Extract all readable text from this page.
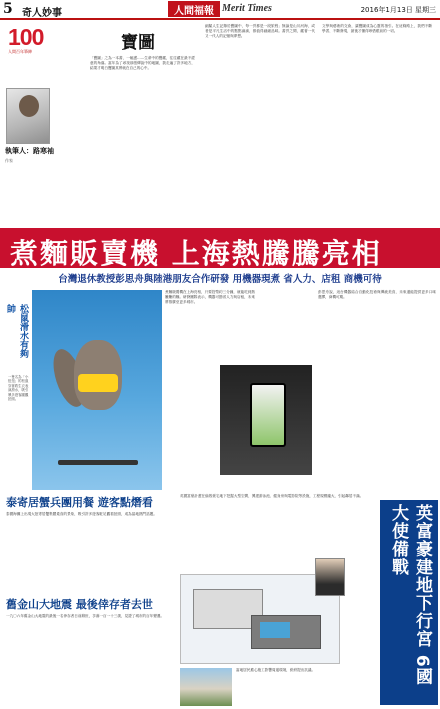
5 奇人妙事	人間福報 Merit Times	2016年1月13日 星期三
100
人間百年筆陣	寶圖
執筆人：路寒袖
作家
「寶圖」之為一本書，一幅畫……生命中的寶藏，往往藏在最不經意的角落。當年為了尋找那張傳說中的地圖，我走遍了許多地方，結果才明白寶圖其實就在自己的心中。
細膩人生記錄於寶圖中，每一頁都是一段旅程；無論是山川河海，或者是平凡生活中的點點滴滴，都值得細細品味。書頁之間，藏著一代又一代人的記憶與夢想。
文學與藝術的交會，讓寶圖成為心靈的指引。在這條路上，我們不斷學習、不斷發現，最後才懂得珍惜眼前的一切。
煮麵販賣機 上海熱騰騰亮相
台灣退休教授彭思舟與陸港朋友合作研發 用機器現煮 省人力、店租 商機可待
松鼠滑水有夠帥
一隻名為「小扭扭」的松鼠穿著救生衣表演滑水，吸引眾多遊客圍觀拍照。
煮麵販賣機在上海亮相，只要投幣約三分鐘，就能吃到熱騰騰的麵。研發團隊表示，機器可節省人力與店租，未來將推廣至更多城市。
彭思舟說，這台機器結合自動化技術與傳統美食，未來還能提供更多口味選擇，商機可期。
泰寄居蟹兵團用餐 遊客點熸看
泰國海灘上出現大批寄居蟹集體覓食的景象，吸引許多遊客駐足觀看拍照，成為當地熱門話題。
舊金山大地震 最後倖存者去世
一九〇六年舊金山大地震的最後一名倖存者日前辭世，享壽一百一十三歲，見證了城市的百年變遷。
英國富豪計畫在倫敦豪宅地下挖掘大型空間，興建游泳池、健身房與電影院等設施，工程規模龐大，引起鄰居不滿。
當地居民擔心施工影響周邊環境，紛紛提出抗議。	英富豪建地下行宮 6國大使備戰
